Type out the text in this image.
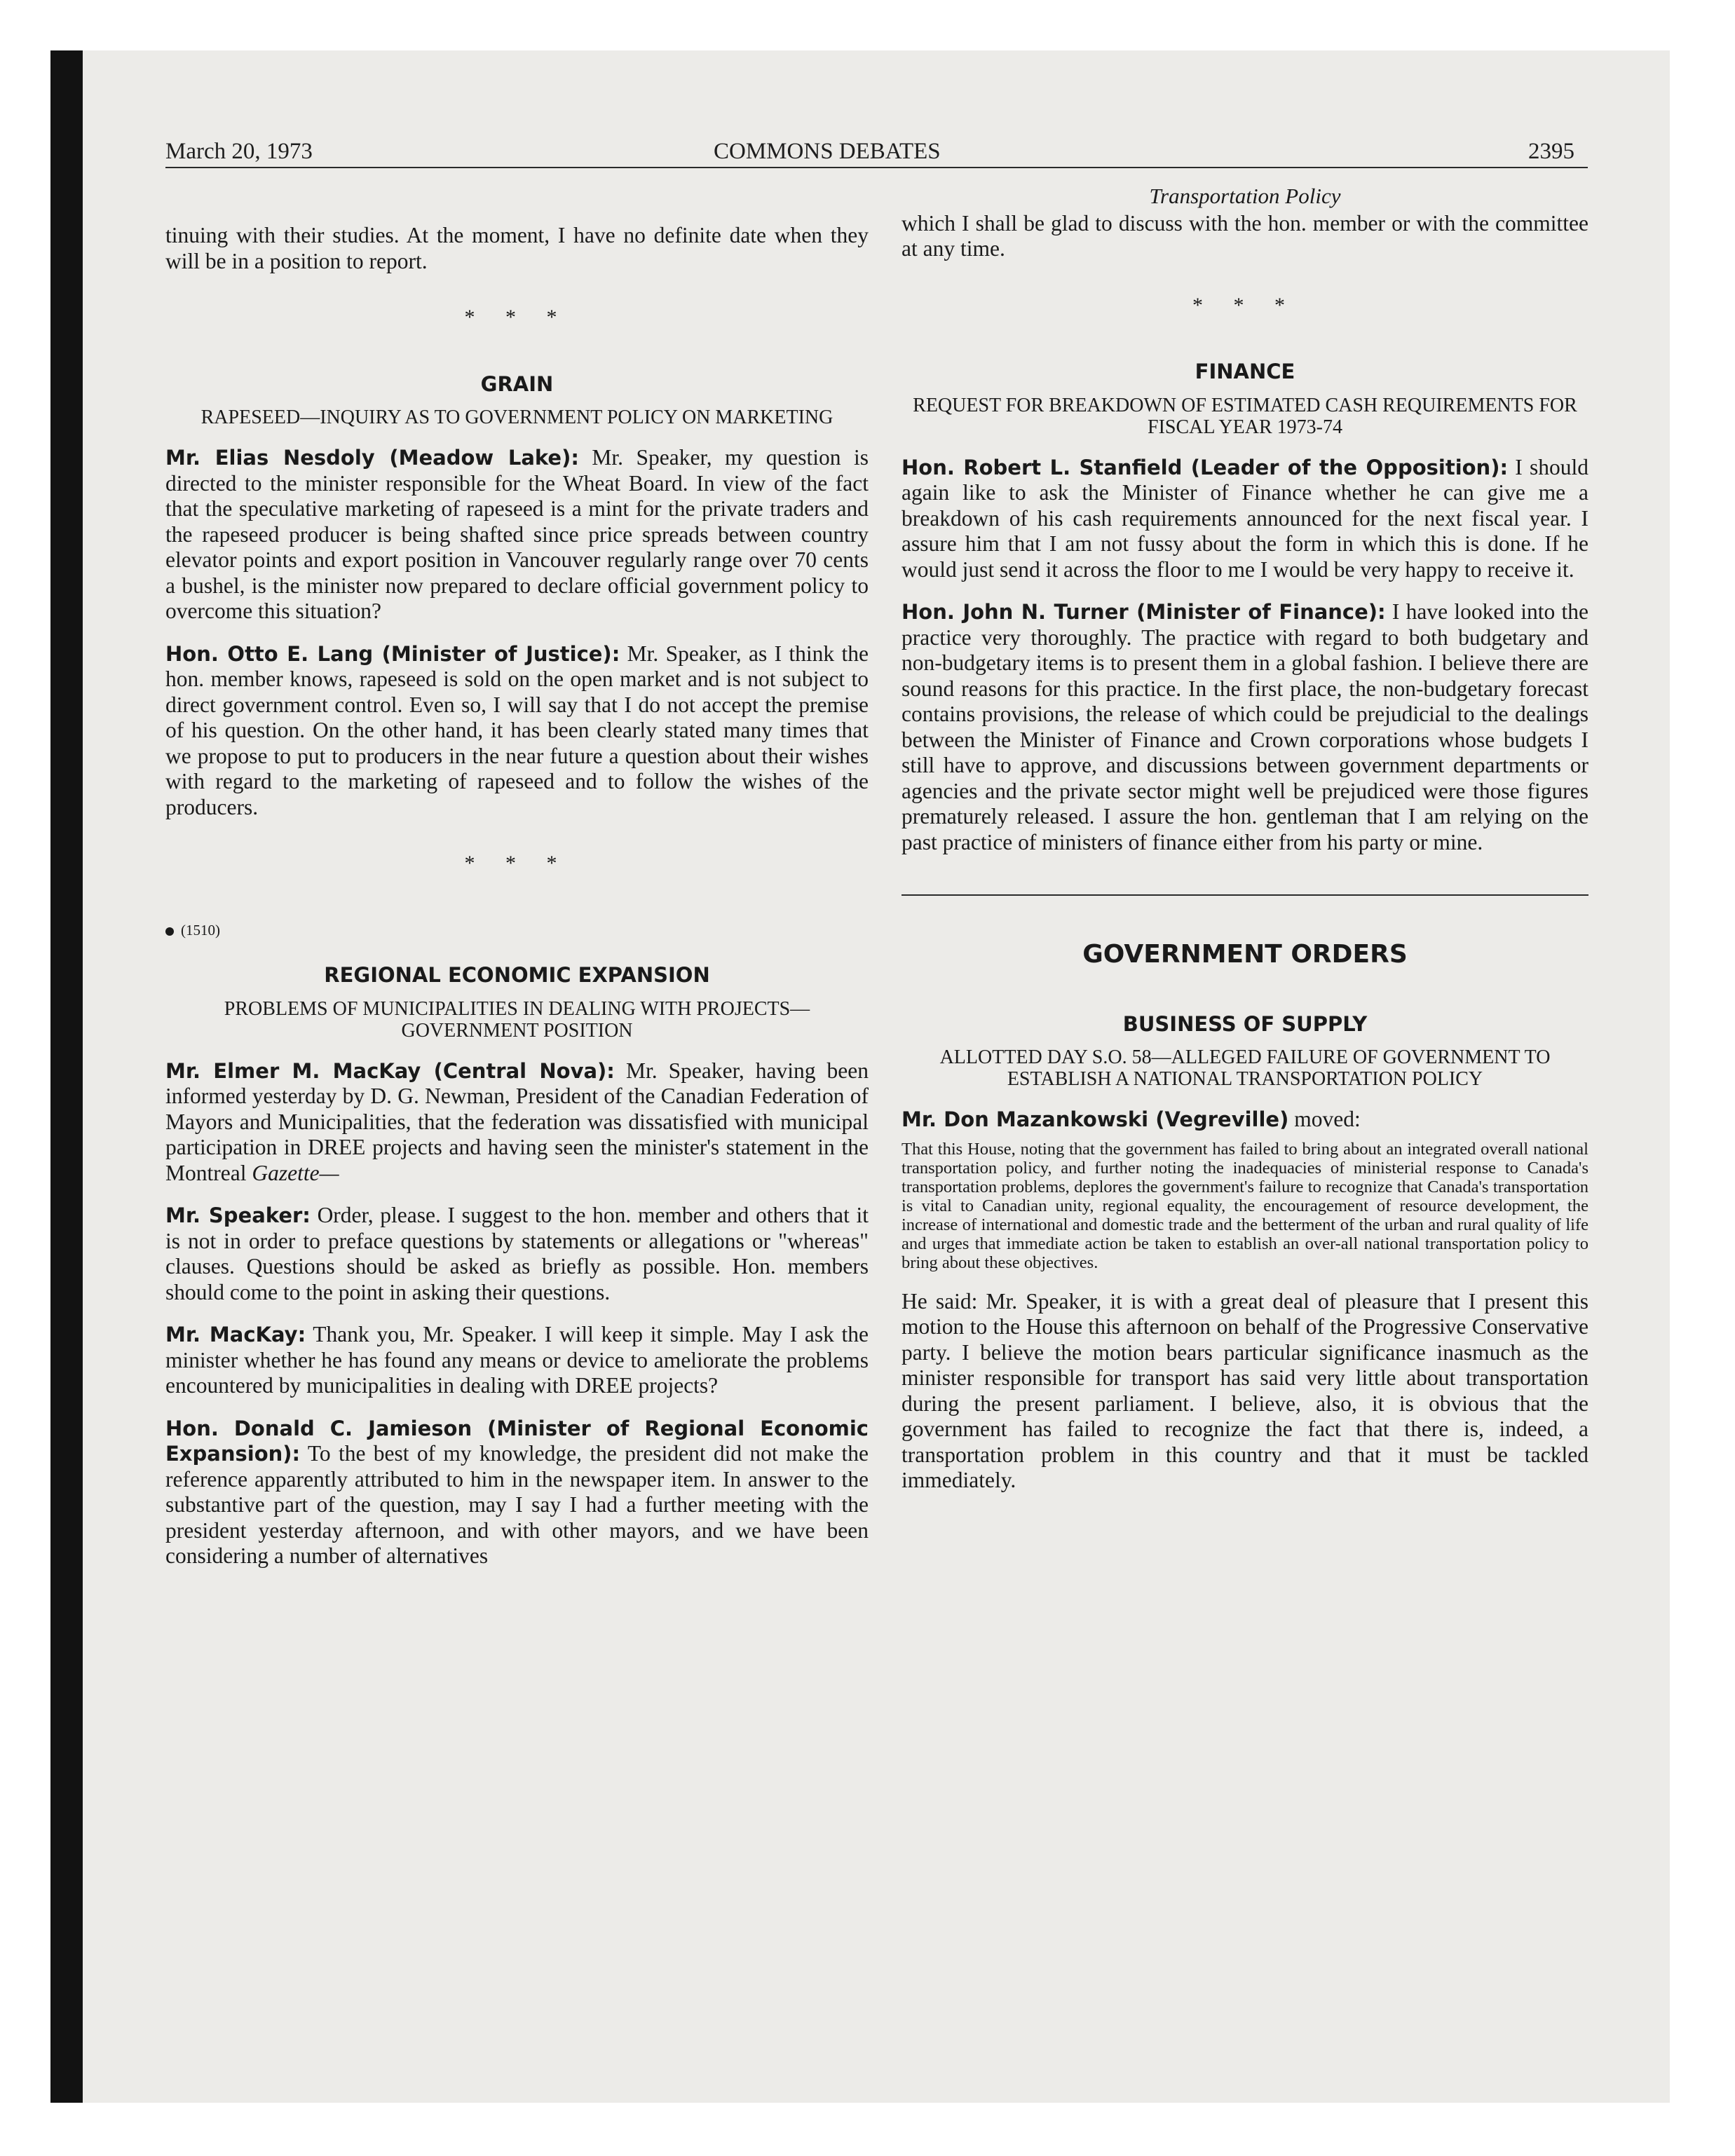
March 20, 1973	COMMONS DEBATES	2395

tinuing with their studies. At the moment, I have no definite date when they will be in a position to report.

* * *
GRAIN
RAPESEED—INQUIRY AS TO GOVERNMENT POLICY ON MARKETING

Mr. Elias Nesdoly (Meadow Lake): Mr. Speaker, my question is directed to the minister responsible for the Wheat Board. In view of the fact that the speculative marketing of rapeseed is a mint for the private traders and the rapeseed producer is being shafted since price spreads between country elevator points and export position in Vancouver regularly range over 70 cents a bushel, is the minister now prepared to declare official government policy to overcome this situation?

Hon. Otto E. Lang (Minister of Justice): Mr. Speaker, as I think the hon. member knows, rapeseed is sold on the open market and is not subject to direct government control. Even so, I will say that I do not accept the premise of his question. On the other hand, it has been clearly stated many times that we propose to put to producers in the near future a question about their wishes with regard to the marketing of rapeseed and to follow the wishes of the producers.

* * *
(1510)
REGIONAL ECONOMIC EXPANSION
PROBLEMS OF MUNICIPALITIES IN DEALING WITH PROJECTS—GOVERNMENT POSITION

Mr. Elmer M. MacKay (Central Nova): Mr. Speaker, having been informed yesterday by D. G. Newman, President of the Canadian Federation of Mayors and Municipalities, that the federation was dissatisfied with municipal participation in DREE projects and having seen the minister's statement in the Montreal Gazette—

Mr. Speaker: Order, please. I suggest to the hon. member and others that it is not in order to preface questions by statements or allegations or "whereas" clauses. Questions should be asked as briefly as possible. Hon. members should come to the point in asking their questions.

Mr. MacKay: Thank you, Mr. Speaker. I will keep it simple. May I ask the minister whether he has found any means or device to ameliorate the problems encountered by municipalities in dealing with DREE projects?

Hon. Donald C. Jamieson (Minister of Regional Economic Expansion): To the best of my knowledge, the president did not make the reference apparently attributed to him in the newspaper item. In answer to the substantive part of the question, may I say I had a further meeting with the president yesterday afternoon, and with other mayors, and we have been considering a number of alternatives

Transportation Policy

which I shall be glad to discuss with the hon. member or with the committee at any time.

* * *
FINANCE
REQUEST FOR BREAKDOWN OF ESTIMATED CASH REQUIREMENTS FOR FISCAL YEAR 1973-74

Hon. Robert L. Stanfield (Leader of the Opposition): I should again like to ask the Minister of Finance whether he can give me a breakdown of his cash requirements announced for the next fiscal year. I assure him that I am not fussy about the form in which this is done. If he would just send it across the floor to me I would be very happy to receive it.

Hon. John N. Turner (Minister of Finance): I have looked into the practice very thoroughly. The practice with regard to both budgetary and non-budgetary items is to present them in a global fashion. I believe there are sound reasons for this practice. In the first place, the non-budgetary forecast contains provisions, the release of which could be prejudicial to the dealings between the Minister of Finance and Crown corporations whose budgets I still have to approve, and discussions between government departments or agencies and the private sector might well be prejudiced were those figures prematurely released. I assure the hon. gentleman that I am relying on the past practice of ministers of finance either from his party or mine.

GOVERNMENT ORDERS
BUSINESS OF SUPPLY
ALLOTTED DAY S.O. 58—ALLEGED FAILURE OF GOVERNMENT TO ESTABLISH A NATIONAL TRANSPORTATION POLICY

Mr. Don Mazankowski (Vegreville) moved:

That this House, noting that the government has failed to bring about an integrated overall national transportation policy, and further noting the inadequacies of ministerial response to Canada's transportation problems, deplores the government's failure to recognize that Canada's transportation is vital to Canadian unity, regional equality, the encouragement of resource development, the increase of international and domestic trade and the betterment of the urban and rural quality of life and urges that immediate action be taken to establish an over-all national transportation policy to bring about these objectives.

He said: Mr. Speaker, it is with a great deal of pleasure that I present this motion to the House this afternoon on behalf of the Progressive Conservative party. I believe the motion bears particular significance inasmuch as the minister responsible for transport has said very little about transportation during the present parliament. I believe, also, it is obvious that the government has failed to recognize the fact that there is, indeed, a transportation problem in this country and that it must be tackled immediately.
